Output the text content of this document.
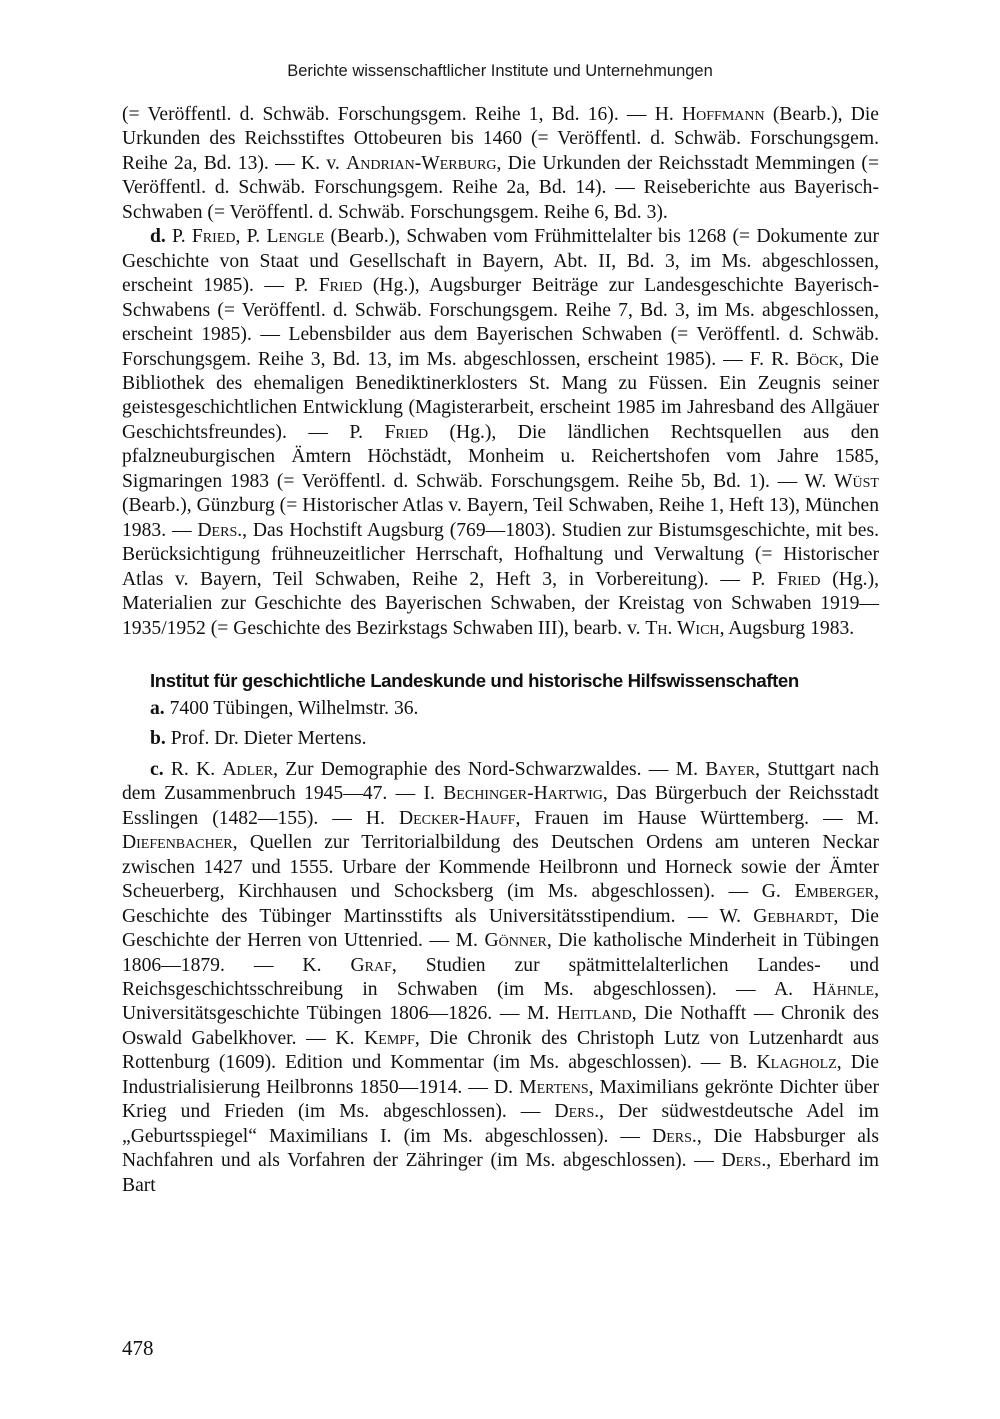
Berichte wissenschaftlicher Institute und Unternehmungen

(= Veröffentl. d. Schwäb. Forschungsgem. Reihe 1, Bd. 16). — H. Hoffmann (Bearb.), Die Urkunden des Reichsstiftes Ottobeuren bis 1460 (= Veröffentl. d. Schwäb. Forschungsgem. Reihe 2a, Bd. 13). — K. v. Andrian-Werburg, Die Urkunden der Reichsstadt Memmingen (= Veröffentl. d. Schwäb. Forschungsgem. Reihe 2a, Bd. 14). — Reiseberichte aus Bayerisch-Schwaben (= Veröffentl. d. Schwäb. Forschungsgem. Reihe 6, Bd. 3).

d. P. Fried, P. Lengle (Bearb.), Schwaben vom Frühmittelalter bis 1268 (= Dokumente zur Geschichte von Staat und Gesellschaft in Bayern, Abt. II, Bd. 3, im Ms. abgeschlossen, erscheint 1985). — P. Fried (Hg.), Augsburger Beiträge zur Landesgeschichte Bayerisch-Schwabens (= Veröffentl. d. Schwäb. Forschungsgem. Reihe 7, Bd. 3, im Ms. abgeschlossen, erscheint 1985). — Lebensbilder aus dem Bayerischen Schwaben (= Veröffentl. d. Schwäb. Forschungsgem. Reihe 3, Bd. 13, im Ms. abgeschlossen, erscheint 1985). — F. R. Böck, Die Bibliothek des ehemaligen Benediktinerklosters St. Mang zu Füssen. Ein Zeugnis seiner geistesgeschichtlichen Entwicklung (Magisterarbeit, erscheint 1985 im Jahresband des Allgäuer Geschichtsfreundes). — P. Fried (Hg.), Die ländlichen Rechtsquellen aus den pfalzneuburgischen Ämtern Höchstädt, Monheim u. Reichertshofen vom Jahre 1585, Sigmaringen 1983 (= Veröffentl. d. Schwäb. Forschungsgem. Reihe 5b, Bd. 1). — W. Wüst (Bearb.), Günzburg (= Historischer Atlas v. Bayern, Teil Schwaben, Reihe 1, Heft 13), München 1983. — Ders., Das Hochstift Augsburg (769—1803). Studien zur Bistumsgeschichte, mit bes. Berücksichtigung frühneuzeitlicher Herrschaft, Hofhaltung und Verwaltung (= Historischer Atlas v. Bayern, Teil Schwaben, Reihe 2, Heft 3, in Vorbereitung). — P. Fried (Hg.), Materialien zur Geschichte des Bayerischen Schwaben, der Kreistag von Schwaben 1919—1935/1952 (= Geschichte des Bezirkstags Schwaben III), bearb. v. Th. Wich, Augsburg 1983.

Institut für geschichtliche Landeskunde und historische Hilfswissenschaften

a. 7400 Tübingen, Wilhelmstr. 36.

b. Prof. Dr. Dieter Mertens.

c. R. K. Adler, Zur Demographie des Nord-Schwarzwaldes. — M. Bayer, Stuttgart nach dem Zusammenbruch 1945—47. — I. Bechinger-Hartwig, Das Bürgerbuch der Reichsstadt Esslingen (1482—155). — H. Decker-Hauff, Frauen im Hause Württemberg. — M. Diefenbacher, Quellen zur Territorialbildung des Deutschen Ordens am unteren Neckar zwischen 1427 und 1555. Urbare der Kommende Heilbronn und Horneck sowie der Ämter Scheuerberg, Kirchhausen und Schocksberg (im Ms. abgeschlossen). — G. Emberger, Geschichte des Tübinger Martinsstifts als Universitätsstipendium. — W. Gebhardt, Die Geschichte der Herren von Uttenried. — M. Gönner, Die katholische Minderheit in Tübingen 1806—1879. — K. Graf, Studien zur spätmittelalterlichen Landes- und Reichsgeschichtsschreibung in Schwaben (im Ms. abgeschlossen). — A. Hähnle, Universitätsgeschichte Tübingen 1806—1826. — M. Heitland, Die Nothafft — Chronik des Oswald Gabelkhover. — K. Kempf, Die Chronik des Christoph Lutz von Lutzenhardt aus Rottenburg (1609). Edition und Kommentar (im Ms. abgeschlossen). — B. Klagholz, Die Industrialisierung Heilbronns 1850—1914. — D. Mertens, Maximilians gekrönte Dichter über Krieg und Frieden (im Ms. abgeschlossen). — Ders., Der südwestdeutsche Adel im „Geburtsspiegel“ Maximilians I. (im Ms. abgeschlossen). — Ders., Die Habsburger als Nachfahren und als Vorfahren der Zähringer (im Ms. abgeschlossen). — Ders., Eberhard im Bart

478
